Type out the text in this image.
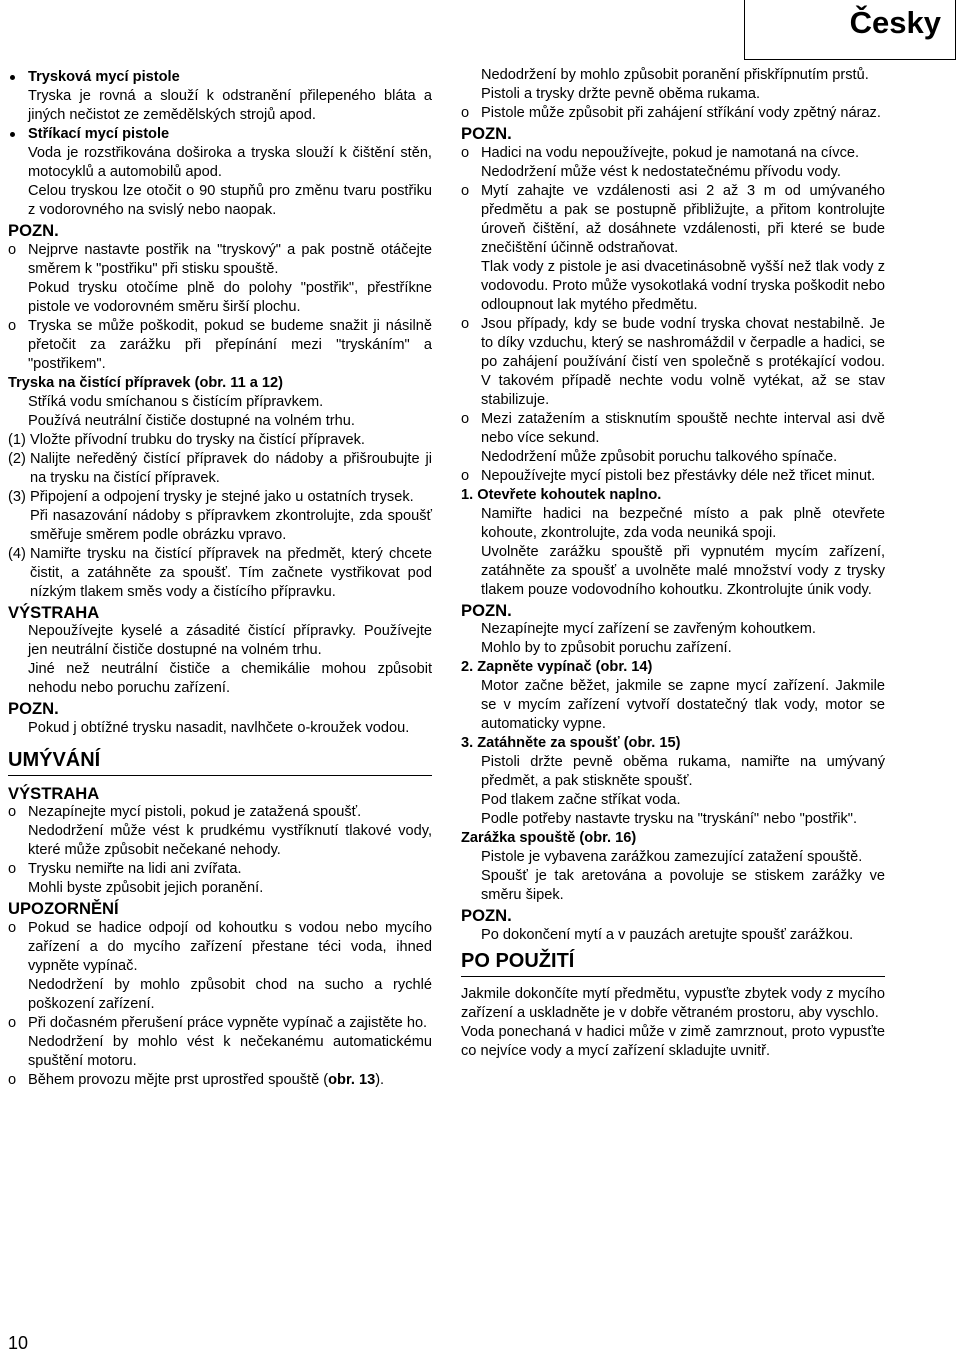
Česky
Trysková mycí pistole
Tryska je rovná a slouží k odstranění přilepeného bláta a jiných nečistot ze zemědělských strojů apod.
Stříkací mycí pistole
Voda je rozstřikována doširoka a tryska slouží k čištění stěn, motocyklů a automobilů apod.
Celou tryskou lze otočit o 90 stupňů pro změnu tvaru postřiku z vodorovného na svislý nebo naopak.
POZN.
o Nejprve nastavte postřik na "tryskový" a pak postně otáčejte směrem k "postřiku" při stisku spouště.
Pokud trysku otočíme plně do polohy "postřik", přestříkne pistole ve vodorovném směru širší plochu.
o Tryska se může poškodit, pokud se budeme snažit ji násilně přetočit za zarážku při přepínání mezi "tryskáním" a "postřikem".
Tryska na čistící přípravek (obr. 11 a 12)
Stříká vodu smíchanou s čistícím přípravkem.
Používá neutrální čističe dostupné na volném trhu.
(1) Vložte přívodní trubku do trysky na čistící přípravek.
(2) Nalijte neředěný čistící přípravek do nádoby a přišroubujte ji na trysku na čistící přípravek.
(3) Připojení a odpojení trysky je stejné jako u ostatních trysek.
Při nasazování nádoby s přípravkem zkontrolujte, zda spoušť směřuje směrem podle obrázku vpravo.
(4) Namiřte trysku na čistící přípravek na předmět, který chcete čistit, a zatáhněte za spoušť. Tím začnete vystřikovat pod nízkým tlakem směs vody a čistícího přípravku.
VÝSTRAHA
Nepoužívejte kyselé a zásadité čistící přípravky. Používejte jen neutrální čističe dostupné na volném trhu.
Jiné než neutrální čističe a chemikálie mohou způsobit nehodu nebo poruchu zařízení.
POZN.
Pokud j obtížné trysku nasadit, navlhčete o-kroužek vodou.
UMÝVÁNÍ
VÝSTRAHA
o Nezapínejte mycí pistoli, pokud je zatažená spoušť.
Nedodržení může vést k prudkému vystříknutí tlakové vody, které může způsobit nečekané nehody.
o Trysku nemiřte na lidi ani zvířata.
Mohli byste způsobit jejich poranění.
UPOZORNĚNÍ
o Pokud se hadice odpojí od kohoutku s vodou nebo mycího zařízení a do mycího zařízení přestane téci voda, ihned vypněte vypínač.
Nedodržení by mohlo způsobit chod na sucho a rychlé poškození zařízení.
o Při dočasném přerušení práce vypněte vypínač a zajistěte ho.
Nedodržení by mohlo vést k nečekanému automatickému spuštění motoru.
o Během provozu mějte prst uprostřed spouště (obr. 13).
Nedodržení by mohlo způsobit poranění přiskřípnutím prstů.
Pistoli a trysky držte pevně oběma rukama.
o Pistole může způsobit při zahájení stříkání vody zpětný náraz.
POZN.
o Hadici na vodu nepoužívejte, pokud je namotaná na cívce.
Nedodržení může vést k nedostatečnému přívodu vody.
o Mytí zahajte ve vzdálenosti asi 2 až 3 m od umývaného předmětu a pak se postupně přibližujte, a přitom kontrolujte úroveň čištění, až dosáhnete vzdálenosti, při které se bude znečištění účinně odstraňovat.
Tlak vody z pistole je asi dvacetinásobně vyšší než tlak vody z vodovodu. Proto může vysokotlaká vodní tryska poškodit nebo odloupnout lak mytého předmětu.
o Jsou případy, kdy se bude vodní tryska chovat nestabilně. Je to díky vzduchu, který se nashromáždil v čerpadle a hadici, se po zahájení používání čistí ven společně s protékající vodou. V takovém případě nechte vodu volně vytékat, až se stav stabilizuje.
o Mezi zatažením a stisknutím spouště nechte interval asi dvě nebo více sekund.
Nedodržení může způsobit poruchu talkového spínače.
o Nepoužívejte mycí pistoli bez přestávky déle než třicet minut.
1. Otevřete kohoutek naplno.
Namiřte hadici na bezpečné místo a pak plně otevřete kohoute, zkontrolujte, zda voda neuniká spoji.
Uvolněte zarážku spouště při vypnutém mycím zařízení, zatáhněte za spoušť a uvolněte malé množství vody z trysky tlakem pouze vodovodního kohoutku. Zkontrolujte únik vody.
POZN.
Nezapínejte mycí zařízení se zavřeným kohoutkem.
Mohlo by to způsobit poruchu zařízení.
2. Zapněte vypínač (obr. 14)
Motor začne běžet, jakmile se zapne mycí zařízení. Jakmile se v mycím zařízení vytvoří dostatečný tlak vody, motor se automaticky vypne.
3. Zatáhněte za spoušť (obr. 15)
Pistoli držte pevně oběma rukama, namiřte na umývaný předmět, a pak stiskněte spoušť.
Pod tlakem začne stříkat voda.
Podle potřeby nastavte trysku na "tryskání" nebo "postřik".
Zarážka spouště (obr. 16)
Pistole je vybavena zarážkou zamezující zatažení spouště.
Spoušť je tak aretována a povoluje se stiskem zarážky ve směru šipek.
POZN.
Po dokončení mytí a v pauzách aretujte spoušť zarážkou.
PO POUŽITÍ
Jakmile dokončíte mytí předmětu, vypusťte zbytek vody z mycího zařízení a uskladněte je v dobře větraném prostoru, aby vyschlo.
Voda ponechaná v hadici může v zimě zamrznout, proto vypusťte co nejvíce vody a mycí zařízení skladujte uvnitř.
10
